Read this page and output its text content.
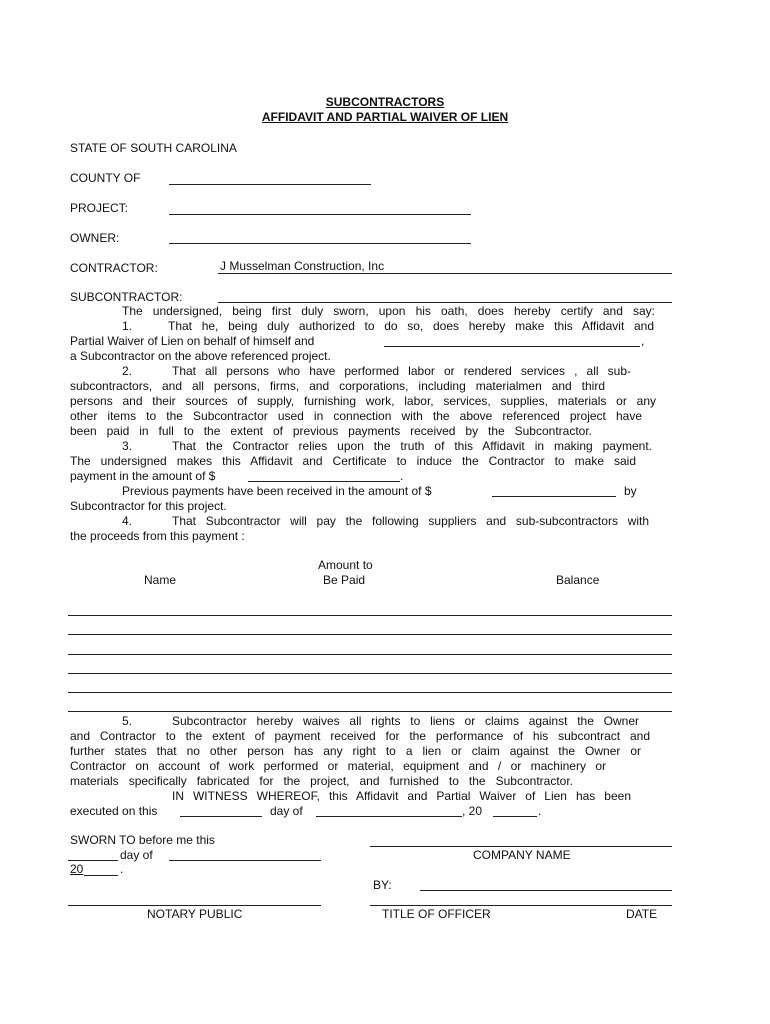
SUBCONTRACTORS
AFFIDAVIT AND PARTIAL WAIVER OF LIEN
STATE OF SOUTH CAROLINA
COUNTY OF
PROJECT:
OWNER:
CONTRACTOR:	J Musselman Construction, Inc
SUBCONTRACTOR:
The undersigned, being first duly sworn, upon his oath, does hereby certify and say:
1.	That he, being duly authorized to do so, does hereby make this Affidavit and
Partial Waiver of Lien on behalf of himself and	,
a Subcontractor on the above referenced project.
2.	That all persons who have performed labor or rendered services , all sub-
subcontractors, and all persons, firms, and corporations, including materialmen and third
persons and their sources of supply, furnishing work, labor, services, supplies, materials or any
other items to the Subcontractor used in connection with the above referenced project have
been paid in full to the extent of previous payments received by the Subcontractor.
3.	That the Contractor relies upon the truth of this Affidavit in making payment.
The undersigned makes this Affidavit and Certificate to induce the Contractor to make said
payment in the amount of $	.
Previous payments have been received in the amount of $	by
Subcontractor for this project.
4.	That Subcontractor will pay the following suppliers and sub-subcontractors with
the proceeds from this payment :
Name
Amount to
Be Paid	Balance
5.	Subcontractor hereby waives all rights to liens or claims against the Owner
and Contractor to the extent of payment received for the performance of his subcontract and
further states that no other person has any right to a lien or claim against the Owner or
Contractor on account of work performed or material, equipment and / or machinery or
materials specifically fabricated for the project, and furnished to the Subcontractor.
IN WITNESS WHEREOF, this Affidavit and Partial Waiver of Lien has been
executed on this	day of	, 20	.
SWORN TO before me this
day of
20	.
COMPANY NAME
BY:
NOTARY PUBLIC	TITLE OF OFFICER	DATE
